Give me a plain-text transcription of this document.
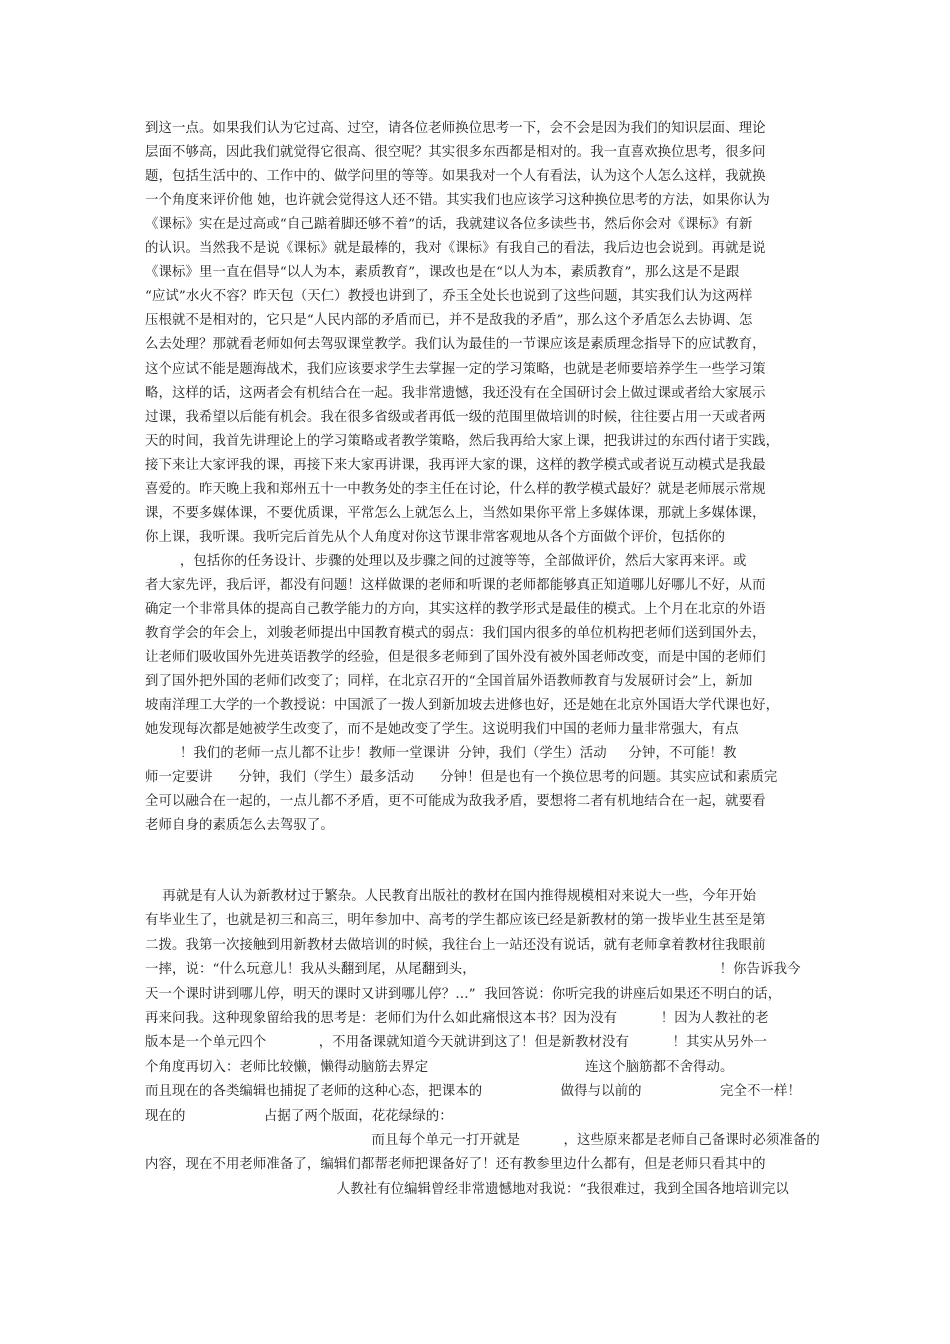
到这一点。如果我们认为它过高、过空，请各位老师换位思考一下，会不会是因为我们的知识层面、理论
层面不够高，因此我们就觉得它很高、很空呢？其实很多东西都是相对的。我一直喜欢换位思考，很多问
题，包括生活中的、工作中的、做学问里的等等。如果我对一个人有看法，认为这个人怎么这样，我就换
一个角度来评价他 她，也许就会觉得这人还不错。其实我们也应该学习这种换位思考的方法，如果你认为
《课标》实在是过高或“自己踮着脚还够不着”的话，我就建议各位多读些书，然后你会对《课标》有新
的认识。当然我不是说《课标》就是最棒的，我对《课标》有我自己的看法，我后边也会说到。再就是说
《课标》里一直在倡导“以人为本，素质教育”，课改也是在“以人为本，素质教育”，那么这是不是跟
“应试”水火不容？昨天包（天仁）教授也讲到了，乔玉全处长也说到了这些问题，其实我们认为这两样
压根就不是相对的，它只是“人民内部的矛盾而已，并不是敌我的矛盾”，那么这个矛盾怎么去协调、怎
么去处理？那就看老师如何去驾驭课堂教学。我们认为最佳的一节课应该是素质理念指导下的应试教育，
这个应试不能是题海战术，我们应该要求学生去掌握一定的学习策略，也就是老师要培养学生一些学习策
略，这样的话，这两者会有机结合在一起。我非常遗憾，我还没有在全国研讨会上做过课或者给大家展示
过课，我希望以后能有机会。我在很多省级或者再低一级的范围里做培训的时候，往往要占用一天或者两
天的时间，我首先讲理论上的学习策略或者教学策略，然后我再给大家上课，把我讲过的东西付诸于实践，
接下来让大家评我的课，再接下来大家再讲课，我再评大家的课，这样的教学模式或者说互动模式是我最
喜爱的。昨天晚上我和郑州五十一中教务处的李主任在讨论，什么样的教学模式最好？就是老师展示常规
课，不要多媒体课，不要优质课，平常怎么上就怎么上，当然如果你平常上多媒体课，那就上多媒体课，
你上课，我听课。我听完后首先从个人角度对你这节课非常客观地从各个方面做个评价，包括你的
，包括你的任务设计、步骤的处理以及步骤之间的过渡等等，全部做评价，然后大家再来评。或
者大家先评，我后评，都没有问题！这样做课的老师和听课的老师都能够真正知道哪儿好哪儿不好，从而
确定一个非常具体的提高自己教学能力的方向，其实这样的教学形式是最佳的模式。上个月在北京的外语
教育学会的年会上，刘骏老师提出中国教育模式的弱点：我们国内很多的单位机构把老师们送到国外去，
让老师们吸收国外先进英语教学的经验，但是很多老师到了国外没有被外国老师改变，而是中国的老师们
到了国外把外国的老师们改变了；同样，在北京召开的“全国首届外语教师教育与发展研讨会”上，新加
坡南洋理工大学的一个教授说：中国派了一拨人到新加坡去进修也好，还是她在北京外国语大学代课也好，
她发现每次都是她被学生改变了，而不是她改变了学生。这说明我们中国的老师力量非常强大，有点
！我们的老师一点儿都不让步！教师一堂课讲  分钟，我们（学生）活动     分钟，不可能！教
师一定要讲      分钟，我们（学生）最多活动      分钟！但是也有一个换位思考的问题。其实应试和素质完
全可以融合在一起的，一点儿都不矛盾，更不可能成为敌我矛盾，要想将二者有机地结合在一起，就要看
老师自身的素质怎么去驾驭了。
再就是有人认为新教材过于繁杂。人民教育出版社的教材在国内推得规模相对来说大一些，今年开始
有毕业生了，也就是初三和高三，明年参加中、高考的学生都应该已经是新教材的第一拨毕业生甚至是第
二拨。我第一次接触到用新教材去做培训的时候，我往台上一站还没有说话，就有老师拿着教材往我眼前
一摔，说：“什么玩意儿！我从头翻到尾，从尾翻到头，                                                        ！你告诉我今
天一个课时讲到哪儿停，明天的课时又讲到哪儿停？…”  我回答说：你听完我的讲座后如果还不明白的话，
再来问我。这种现象留给我的思考是：老师们为什么如此痛恨这本书？因为没有          ！因为人教社的老
版本是一个单元四个            ，不用备课就知道今天就讲到这了！但是新教材没有          ！其实从另外一
个角度再切入：老师比较懒，懒得动脑筋去界定                                    连这个脑筋都不舍得动。
而且现在的各类编辑也捕捉了老师的这种心态，把课本的                  做得与以前的                  完全不一样！
现在的                  占据了两个版面，花花绿绿的：
而且每个单元一打开就是          ，这些原来都是老师自己备课时必须准备的
内容，现在不用老师准备了，编辑们都帮老师把课备好了！还有教参里边什么都有，但是老师只看其中的
人教社有位编辑曾经非常遗憾地对我说：“我很难过，我到全国各地培训完以
